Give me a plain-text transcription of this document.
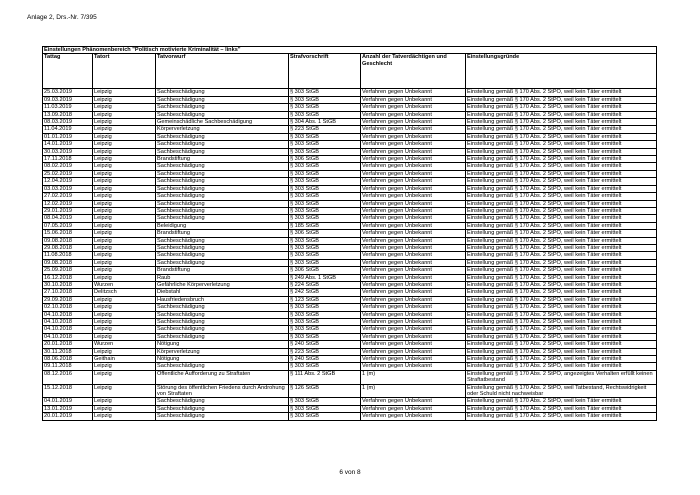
Anlage 2, Drs.-Nr. 7/395
Einstellungen Phänomenbereich "Politisch motivierte Kriminalität – links"					
Tattag	Tatort	Tatvorwurf	Strafvorschrift	Anzahl der Tatverdächtigen und Geschlecht	Einstellungsgründe
25.03.2019	Leipzig	Sachbeschädigung	§ 303 StGB	Verfahren gegen Unbekannt	Einstellung gemäß § 170 Abs. 2 StPO, weil kein Täter ermittelt
09.03.2019	Leipzig	Sachbeschädigung	§ 303 StGB	Verfahren gegen Unbekannt	Einstellung gemäß § 170 Abs. 2 StPO, weil kein Täter ermittelt
11.03.2019	Leipzig	Sachbeschädigung	§ 303 StGB	Verfahren gegen Unbekannt	Einstellung gemäß § 170 Abs. 2 StPO, weil kein Täter ermittelt
13.09.2018	Leipzig	Sachbeschädigung	§ 303 StGB	Verfahren gegen Unbekannt	Einstellung gemäß § 170 Abs. 2 StPO, weil kein Täter ermittelt
08.03.2019	Leipzig	Gemeinschädliche Sachbeschädigung	§ 304 Abs. 1 StGB	Verfahren gegen Unbekannt	Einstellung gemäß § 170 Abs. 2 StPO, weil kein Täter ermittelt
11.04.2019	Leipzig	Körperverletzung	§ 223 StGB	Verfahren gegen Unbekannt	Einstellung gemäß § 170 Abs. 2 StPO, weil kein Täter ermittelt
01.01.2019	Leipzig	Sachbeschädigung	§ 303 StGB	Verfahren gegen Unbekannt	Einstellung gemäß § 170 Abs. 2 StPO, weil kein Täter ermittelt
14.01.2019	Leipzig	Sachbeschädigung	§ 303 StGB	Verfahren gegen Unbekannt	Einstellung gemäß § 170 Abs. 2 StPO, weil kein Täter ermittelt
30.03.2019	Leipzig	Sachbeschädigung	§ 303 StGB	Verfahren gegen Unbekannt	Einstellung gemäß § 170 Abs. 2 StPO, weil kein Täter ermittelt
17.11.2018	Leipzig	Brandstiftung	§ 306 StGB	Verfahren gegen Unbekannt	Einstellung gemäß § 170 Abs. 2 StPO, weil kein Täter ermittelt
08.02.2019	Leipzig	Sachbeschädigung	§ 303 StGB	Verfahren gegen Unbekannt	Einstellung gemäß § 170 Abs. 2 StPO, weil kein Täter ermittelt
25.02.2019	Leipzig	Sachbeschädigung	§ 303 StGB	Verfahren gegen Unbekannt	Einstellung gemäß § 170 Abs. 2 StPO, weil kein Täter ermittelt
12.04.2019	Leipzig	Sachbeschädigung	§ 303 StGB	Verfahren gegen Unbekannt	Einstellung gemäß § 170 Abs. 2 StPO, weil kein Täter ermittelt
03.03.2019	Leipzig	Sachbeschädigung	§ 303 StGB	Verfahren gegen Unbekannt	Einstellung gemäß § 170 Abs. 2 StPO, weil kein Täter ermittelt
27.02.2019	Leipzig	Sachbeschädigung	§ 303 StGB	Verfahren gegen Unbekannt	Einstellung gemäß § 170 Abs. 2 StPO, weil kein Täter ermittelt
12.02.2019	Leipzig	Sachbeschädigung	§ 303 StGB	Verfahren gegen Unbekannt	Einstellung gemäß § 170 Abs. 2 StPO, weil kein Täter ermittelt
29.01.2019	Leipzig	Sachbeschädigung	§ 303 StGB	Verfahren gegen Unbekannt	Einstellung gemäß § 170 Abs. 2 StPO, weil kein Täter ermittelt
08.04.2019	Leipzig	Sachbeschädigung	§ 303 StGB	Verfahren gegen Unbekannt	Einstellung gemäß § 170 Abs. 2 StPO, weil kein Täter ermittelt
07.05.2019	Leipzig	Beleidigung	§ 185 StGB	Verfahren gegen Unbekannt	Einstellung gemäß § 170 Abs. 2 StPO, weil kein Täter ermittelt
15.06.2018	Leipzig	Brandstiftung	§ 306 StGB	Verfahren gegen Unbekannt	Einstellung gemäß § 170 Abs. 2 StPO, weil kein Täter ermittelt
09.08.2018	Leipzig	Sachbeschädigung	§ 303 StGB	Verfahren gegen Unbekannt	Einstellung gemäß § 170 Abs. 2 StPO, weil kein Täter ermittelt
29.08.2018	Leipzig	Sachbeschädigung	§ 303 StGB	Verfahren gegen Unbekannt	Einstellung gemäß § 170 Abs. 2 StPO, weil kein Täter ermittelt
11.08.2018	Leipzig	Sachbeschädigung	§ 303 StGB	Verfahren gegen Unbekannt	Einstellung gemäß § 170 Abs. 2 StPO, weil kein Täter ermittelt
09.08.2018	Leipzig	Sachbeschädigung	§ 303 StGB	Verfahren gegen Unbekannt	Einstellung gemäß § 170 Abs. 2 StPO, weil kein Täter ermittelt
25.09.2018	Leipzig	Brandstiftung	§ 306 StGB	Verfahren gegen Unbekannt	Einstellung gemäß § 170 Abs. 2 StPO, weil kein Täter ermittelt
16.12.2018	Leipzig	Raub	§ 249 Abs. 1 StGB	Verfahren gegen Unbekannt	Einstellung gemäß § 170 Abs. 2 StPO, weil kein Täter ermittelt
30.10.2018	Wurzen	Gefährliche Körperverletzung	§ 224 StGB	Verfahren gegen Unbekannt	Einstellung gemäß § 170 Abs. 2 StPO, weil kein Täter ermittelt
27.10.2018	Delitzsch	Diebstahl	§ 242 StGB	Verfahren gegen Unbekannt	Einstellung gemäß § 170 Abs. 2 StPO, weil kein Täter ermittelt
29.09.2018	Leipzig	Hausfriedensbruch	§ 123 StGB	Verfahren gegen Unbekannt	Einstellung gemäß § 170 Abs. 2 StPO, weil kein Täter ermittelt
02.10.2018	Leipzig	Sachbeschädigung	§ 303 StGB	Verfahren gegen Unbekannt	Einstellung gemäß § 170 Abs. 2 StPO, weil kein Täter ermittelt
04.10.2018	Leipzig	Sachbeschädigung	§ 303 StGB	Verfahren gegen Unbekannt	Einstellung gemäß § 170 Abs. 2 StPO, weil kein Täter ermittelt
04.10.2018	Leipzig	Sachbeschädigung	§ 303 StGB	Verfahren gegen Unbekannt	Einstellung gemäß § 170 Abs. 2 StPO, weil kein Täter ermittelt
04.10.2018	Leipzig	Sachbeschädigung	§ 303 StGB	Verfahren gegen Unbekannt	Einstellung gemäß § 170 Abs. 2 StPO, weil kein Täter ermittelt
04.10.2018	Leipzig	Sachbeschädigung	§ 303 StGB	Verfahren gegen Unbekannt	Einstellung gemäß § 170 Abs. 2 StPO, weil kein Täter ermittelt
20.01.2018	Wurzen	Nötigung	§ 240 StGB	Verfahren gegen Unbekannt	Einstellung gemäß § 170 Abs. 2 StPO, weil kein Täter ermittelt
30.11.2018	Leipzig	Körperverletzung	§ 223 StGB	Verfahren gegen Unbekannt	Einstellung gemäß § 170 Abs. 2 StPO, weil kein Täter ermittelt
08.06.2018	Geithain	Nötigung	§ 240 StGB	Verfahren gegen Unbekannt	Einstellung gemäß § 170 Abs. 2 StPO, weil kein Täter ermittelt
09.11.2018	Leipzig	Sachbeschädigung	§ 303 StGB	Verfahren gegen Unbekannt	Einstellung gemäß § 170 Abs. 2 StPO, weil kein Täter ermittelt
08.12.2016	Leipzig	Öffentliche Aufforderung zu Straftaten	§ 111 Abs. 2 StGB	1 (m)	Einstellung gemäß § 170 Abs. 2 StPO, angezeigtes Verhalten erfüllt keinen Straftatbestand
15.12.2018	Leipzig	Störung des öffentlichen Friedens durch Androhung von Straftaten	§ 126 StGB	1 (m)	Einstellung gemäß § 170 Abs. 2 StPO, weil Tatbestand, Rechtswidrigkeit oder Schuld nicht nachweisbar
04.01.2019	Leipzig	Sachbeschädigung	§ 303 StGB	Verfahren gegen Unbekannt	Einstellung gemäß § 170 Abs. 2 StPO, weil kein Täter ermittelt
13.01.2019	Leipzig	Sachbeschädigung	§ 303 StGB	Verfahren gegen Unbekannt	Einstellung gemäß § 170 Abs. 2 StPO, weil kein Täter ermittelt
20.01.2019	Leipzig	Sachbeschädigung	§ 303 StGB	Verfahren gegen Unbekannt	Einstellung gemäß § 170 Abs. 2 StPO, weil kein Täter ermittelt
6 von 8
